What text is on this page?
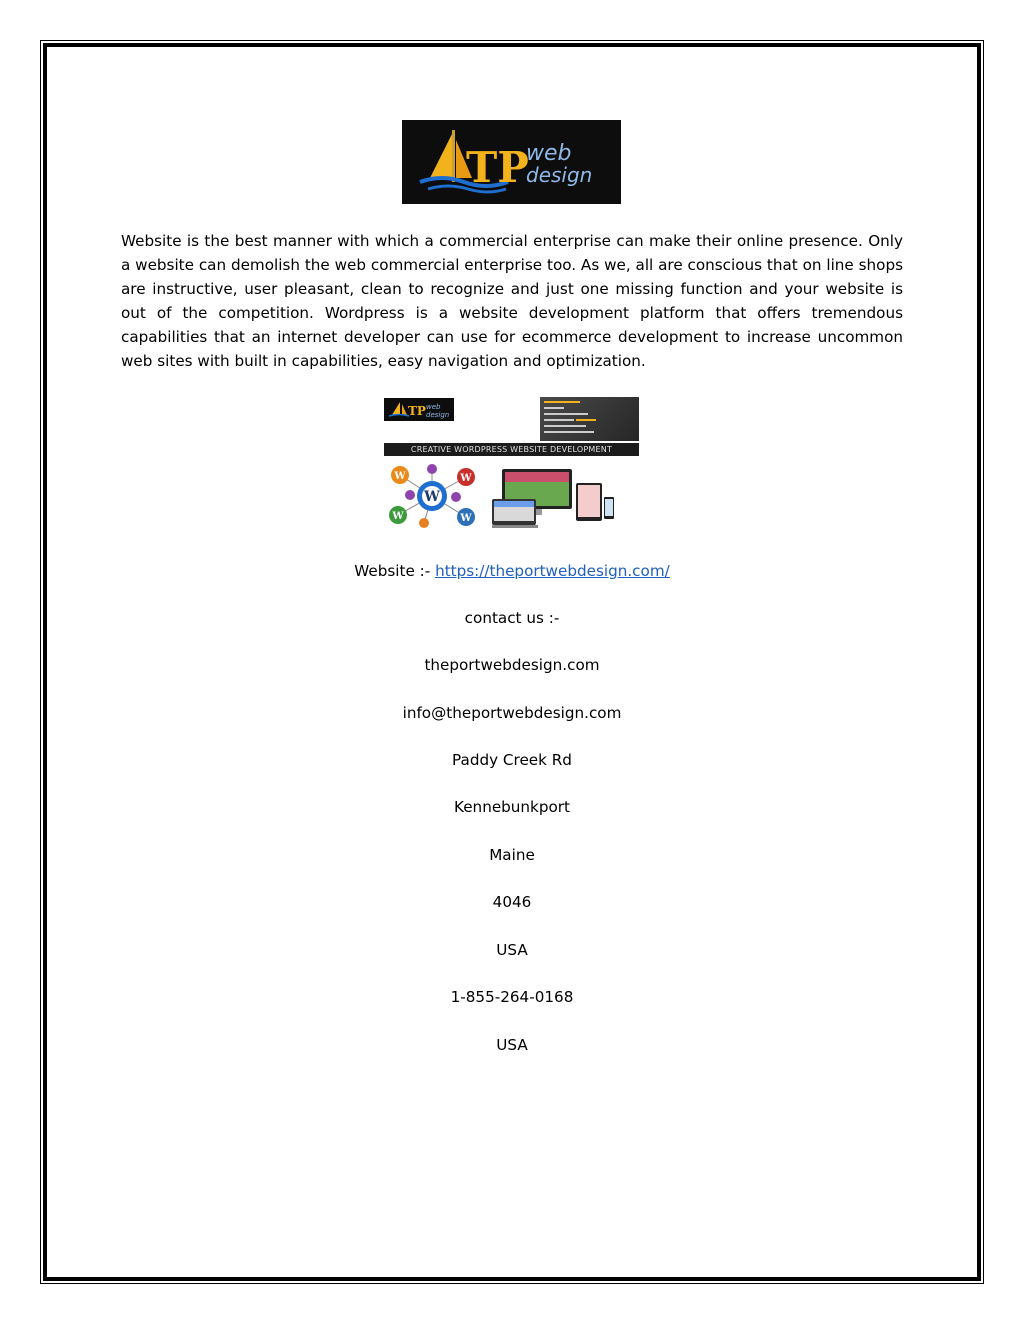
TP
web
design

Website is the best manner with which a commercial enterprise can make their online presence. Only a website can demolish the web commercial enterprise too. As we, all are conscious that on line shops are instructive, user pleasant, clean to recognize and just one missing function and your website is out of the competition. Wordpress is a website development platform that offers tremendous capabilities that an internet developer can use for ecommerce development to increase uncommon web sites with built in capabilities, easy navigation and optimization.

TP web
design
CREATIVE WORDPRESS WEBSITE DEVELOPMENT
W
W	W
W	W
Website :- https://theportwebdesign.com/
contact us :-
theportwebdesign.com
info@theportwebdesign.com
Paddy Creek Rd
Kennebunkport
Maine
4046
USA
1-855-264-0168
USA
